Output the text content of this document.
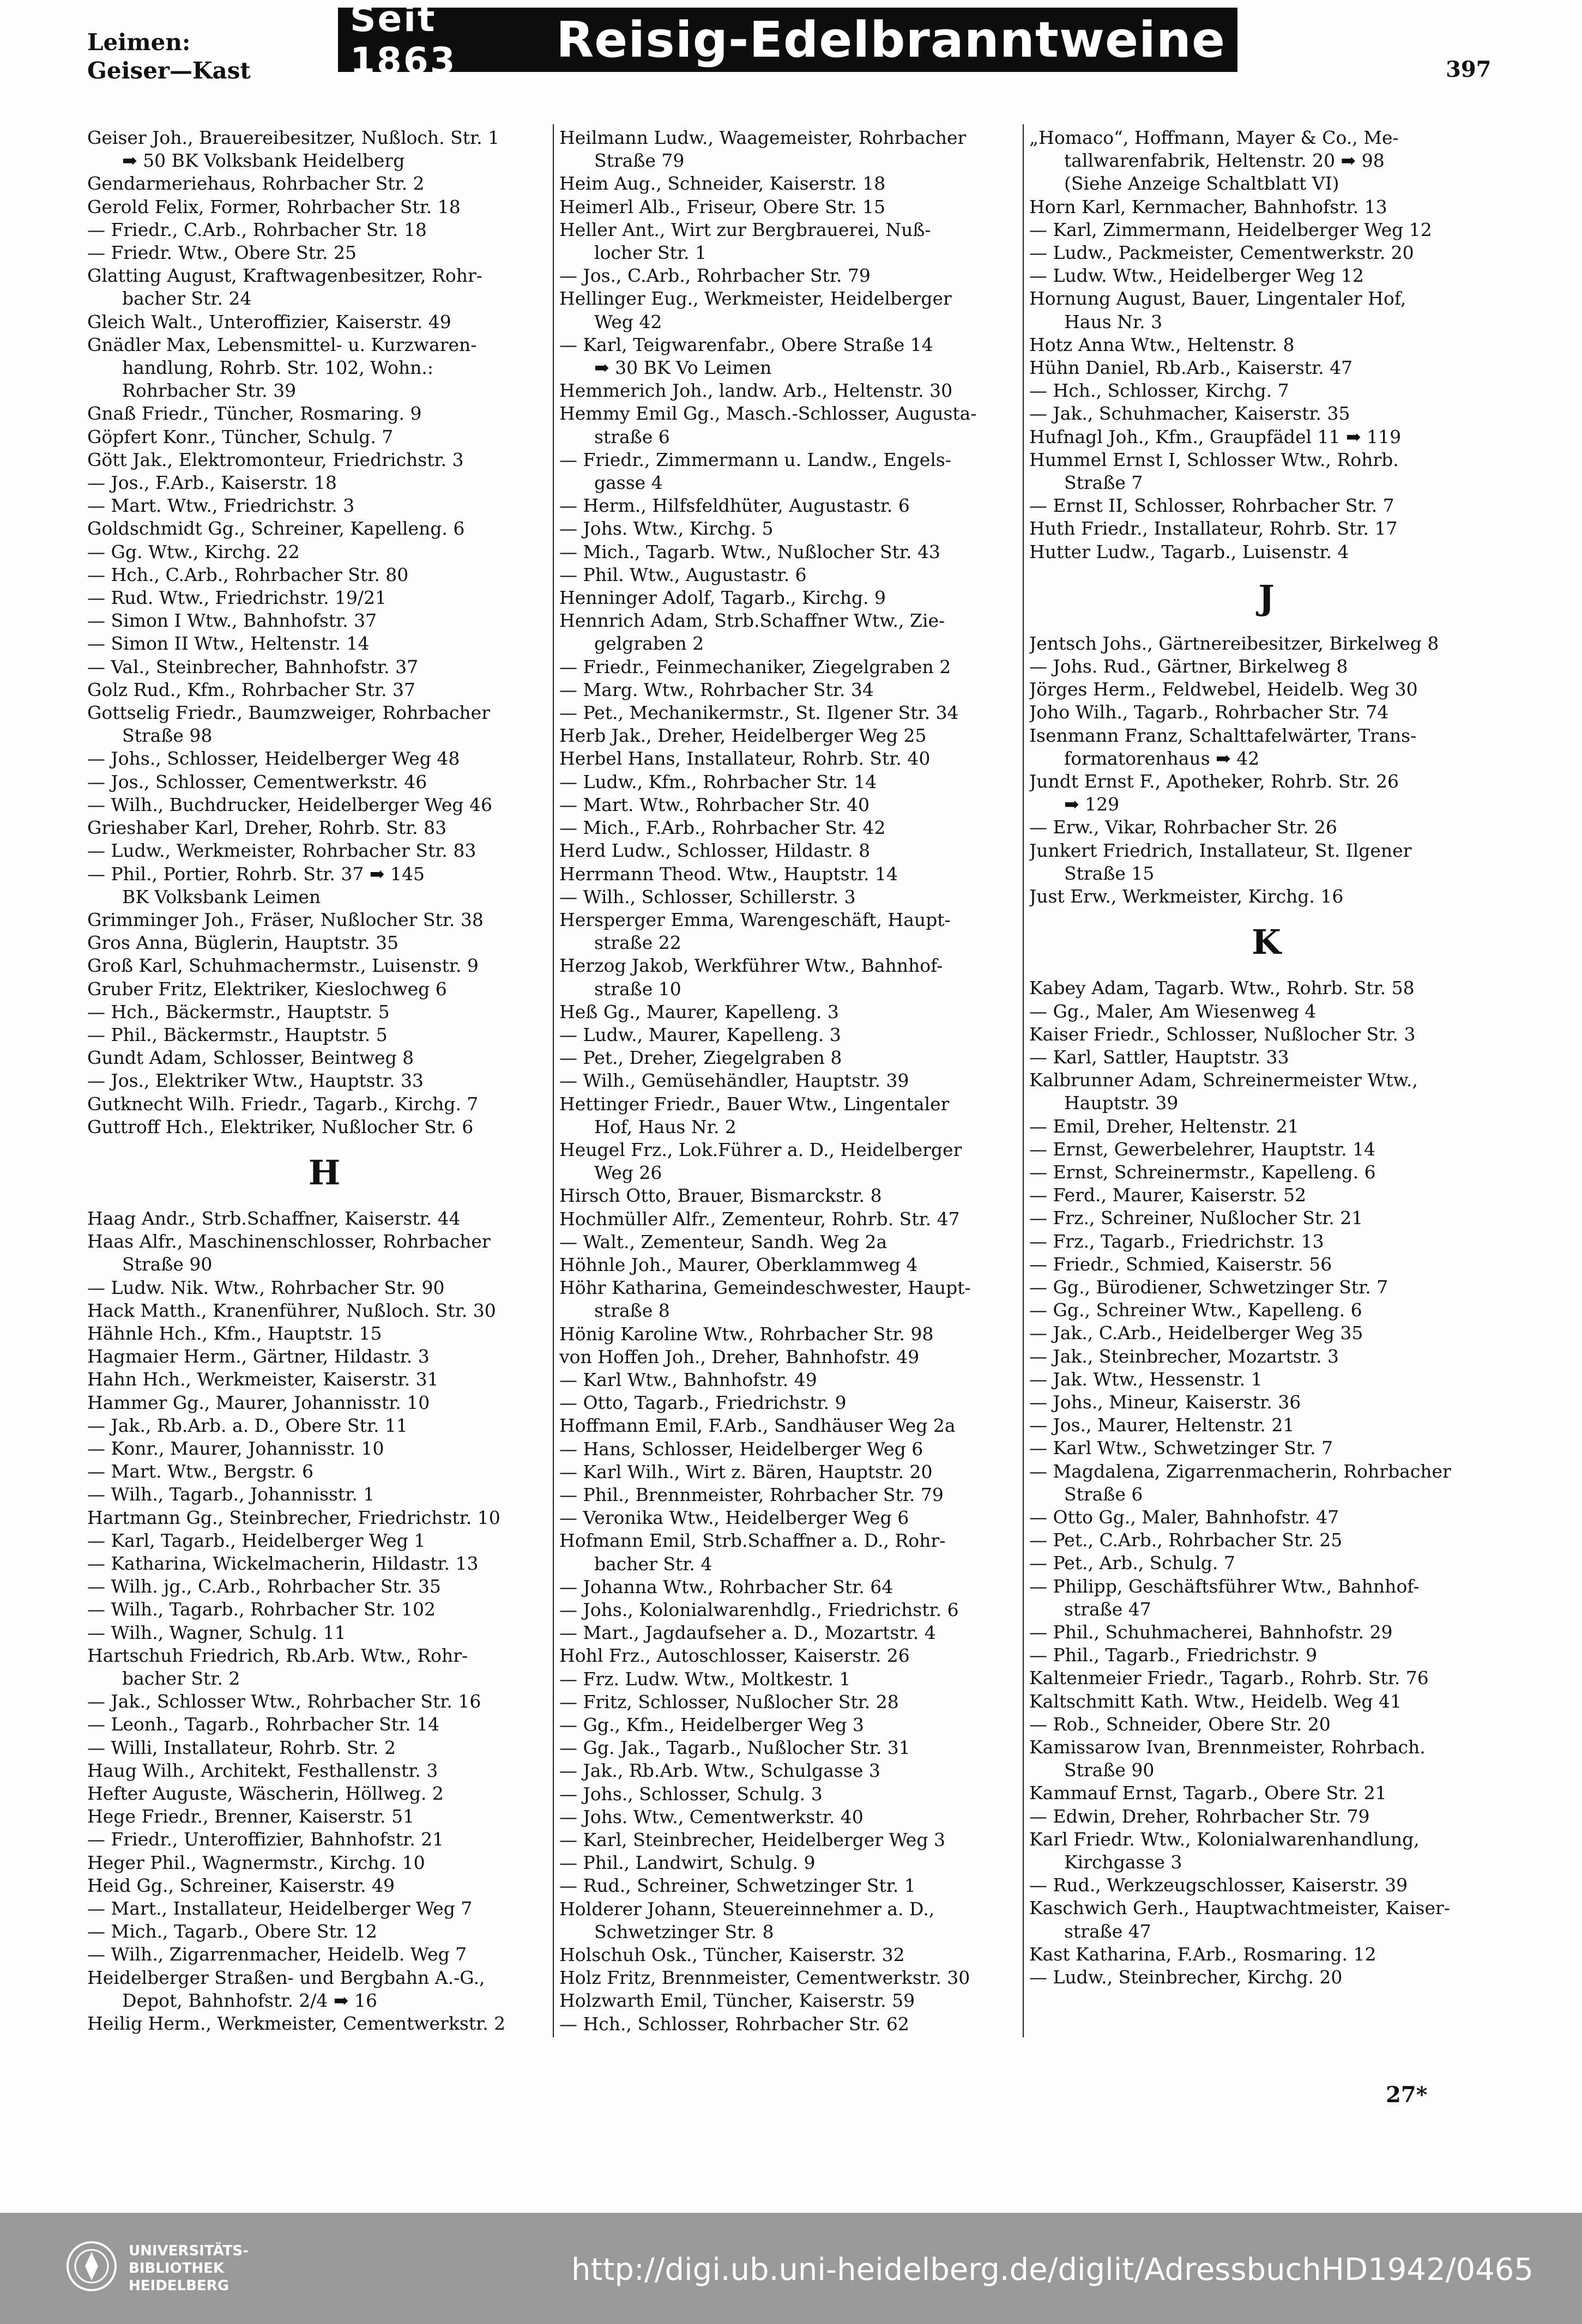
Leimen:
Geiser—Kast
Seit 1863	Reisig-Edelbranntweine
397
Geiser Joh., Brauereibesitzer, Nußloch. Str. 1
➡ 50 BK Volksbank Heidelberg
Gendarmeriehaus, Rohrbacher Str. 2
Gerold Felix, Former, Rohrbacher Str. 18
— Friedr., C.Arb., Rohrbacher Str. 18
— Friedr. Wtw., Obere Str. 25
Glatting August, Kraftwagenbesitzer, Rohr-
bacher Str. 24
Gleich Walt., Unteroffizier, Kaiserstr. 49
Gnädler Max, Lebensmittel- u. Kurzwaren-
handlung, Rohrb. Str. 102, Wohn.:
Rohrbacher Str. 39
Gnaß Friedr., Tüncher, Rosmaring. 9
Göpfert Konr., Tüncher, Schulg. 7
Gött Jak., Elektromonteur, Friedrichstr. 3
— Jos., F.Arb., Kaiserstr. 18
— Mart. Wtw., Friedrichstr. 3
Goldschmidt Gg., Schreiner, Kapelleng. 6
— Gg. Wtw., Kirchg. 22
— Hch., C.Arb., Rohrbacher Str. 80
— Rud. Wtw., Friedrichstr. 19/21
— Simon I Wtw., Bahnhofstr. 37
— Simon II Wtw., Heltenstr. 14
— Val., Steinbrecher, Bahnhofstr. 37
Golz Rud., Kfm., Rohrbacher Str. 37
Gottselig Friedr., Baumzweiger, Rohrbacher
Straße 98
— Johs., Schlosser, Heidelberger Weg 48
— Jos., Schlosser, Cementwerkstr. 46
— Wilh., Buchdrucker, Heidelberger Weg 46
Grieshaber Karl, Dreher, Rohrb. Str. 83
— Ludw., Werkmeister, Rohrbacher Str. 83
— Phil., Portier, Rohrb. Str. 37 ➡ 145
BK Volksbank Leimen
Grimminger Joh., Fräser, Nußlocher Str. 38
Gros Anna, Büglerin, Hauptstr. 35
Groß Karl, Schuhmachermstr., Luisenstr. 9
Gruber Fritz, Elektriker, Kieslochweg 6
— Hch., Bäckermstr., Hauptstr. 5
— Phil., Bäckermstr., Hauptstr. 5
Gundt Adam, Schlosser, Beintweg 8
— Jos., Elektriker Wtw., Hauptstr. 33
Gutknecht Wilh. Friedr., Tagarb., Kirchg. 7
Guttroff Hch., Elektriker, Nußlocher Str. 6
H
Haag Andr., Strb.Schaffner, Kaiserstr. 44
Haas Alfr., Maschinenschlosser, Rohrbacher
Straße 90
— Ludw. Nik. Wtw., Rohrbacher Str. 90
Hack Matth., Kranenführer, Nußloch. Str. 30
Hähnle Hch., Kfm., Hauptstr. 15
Hagmaier Herm., Gärtner, Hildastr. 3
Hahn Hch., Werkmeister, Kaiserstr. 31
Hammer Gg., Maurer, Johannisstr. 10
— Jak., Rb.Arb. a. D., Obere Str. 11
— Konr., Maurer, Johannisstr. 10
— Mart. Wtw., Bergstr. 6
— Wilh., Tagarb., Johannisstr. 1
Hartmann Gg., Steinbrecher, Friedrichstr. 10
— Karl, Tagarb., Heidelberger Weg 1
— Katharina, Wickelmacherin, Hildastr. 13
— Wilh. jg., C.Arb., Rohrbacher Str. 35
— Wilh., Tagarb., Rohrbacher Str. 102
— Wilh., Wagner, Schulg. 11
Hartschuh Friedrich, Rb.Arb. Wtw., Rohr-
bacher Str. 2
— Jak., Schlosser Wtw., Rohrbacher Str. 16
— Leonh., Tagarb., Rohrbacher Str. 14
— Willi, Installateur, Rohrb. Str. 2
Haug Wilh., Architekt, Festhallenstr. 3
Hefter Auguste, Wäscherin, Höllweg. 2
Hege Friedr., Brenner, Kaiserstr. 51
— Friedr., Unteroffizier, Bahnhofstr. 21
Heger Phil., Wagnermstr., Kirchg. 10
Heid Gg., Schreiner, Kaiserstr. 49
— Mart., Installateur, Heidelberger Weg 7
— Mich., Tagarb., Obere Str. 12
— Wilh., Zigarrenmacher, Heidelb. Weg 7
Heidelberger Straßen- und Bergbahn A.-G.,
Depot, Bahnhofstr. 2/4 ➡ 16
Heilig Herm., Werkmeister, Cementwerkstr. 2
Heilmann Ludw., Waagemeister, Rohrbacher
Straße 79
Heim Aug., Schneider, Kaiserstr. 18
Heimerl Alb., Friseur, Obere Str. 15
Heller Ant., Wirt zur Bergbrauerei, Nuß-
locher Str. 1
— Jos., C.Arb., Rohrbacher Str. 79
Hellinger Eug., Werkmeister, Heidelberger
Weg 42
— Karl, Teigwarenfabr., Obere Straße 14
➡ 30 BK Vo Leimen
Hemmerich Joh., landw. Arb., Heltenstr. 30
Hemmy Emil Gg., Masch.-Schlosser, Augusta-
straße 6
— Friedr., Zimmermann u. Landw., Engels-
gasse 4
— Herm., Hilfsfeldhüter, Augustastr. 6
— Johs. Wtw., Kirchg. 5
— Mich., Tagarb. Wtw., Nußlocher Str. 43
— Phil. Wtw., Augustastr. 6
Henninger Adolf, Tagarb., Kirchg. 9
Hennrich Adam, Strb.Schaffner Wtw., Zie-
gelgraben 2
— Friedr., Feinmechaniker, Ziegelgraben 2
— Marg. Wtw., Rohrbacher Str. 34
— Pet., Mechanikermstr., St. Ilgener Str. 34
Herb Jak., Dreher, Heidelberger Weg 25
Herbel Hans, Installateur, Rohrb. Str. 40
— Ludw., Kfm., Rohrbacher Str. 14
— Mart. Wtw., Rohrbacher Str. 40
— Mich., F.Arb., Rohrbacher Str. 42
Herd Ludw., Schlosser, Hildastr. 8
Herrmann Theod. Wtw., Hauptstr. 14
— Wilh., Schlosser, Schillerstr. 3
Hersperger Emma, Warengeschäft, Haupt-
straße 22
Herzog Jakob, Werkführer Wtw., Bahnhof-
straße 10
Heß Gg., Maurer, Kapelleng. 3
— Ludw., Maurer, Kapelleng. 3
— Pet., Dreher, Ziegelgraben 8
— Wilh., Gemüsehändler, Hauptstr. 39
Hettinger Friedr., Bauer Wtw., Lingentaler
Hof, Haus Nr. 2
Heugel Frz., Lok.Führer a. D., Heidelberger
Weg 26
Hirsch Otto, Brauer, Bismarckstr. 8
Hochmüller Alfr., Zementeur, Rohrb. Str. 47
— Walt., Zementeur, Sandh. Weg 2a
Höhnle Joh., Maurer, Oberklammweg 4
Höhr Katharina, Gemeindeschwester, Haupt-
straße 8
Hönig Karoline Wtw., Rohrbacher Str. 98
von Hoffen Joh., Dreher, Bahnhofstr. 49
— Karl Wtw., Bahnhofstr. 49
— Otto, Tagarb., Friedrichstr. 9
Hoffmann Emil, F.Arb., Sandhäuser Weg 2a
— Hans, Schlosser, Heidelberger Weg 6
— Karl Wilh., Wirt z. Bären, Hauptstr. 20
— Phil., Brennmeister, Rohrbacher Str. 79
— Veronika Wtw., Heidelberger Weg 6
Hofmann Emil, Strb.Schaffner a. D., Rohr-
bacher Str. 4
— Johanna Wtw., Rohrbacher Str. 64
— Johs., Kolonialwarenhdlg., Friedrichstr. 6
— Mart., Jagdaufseher a. D., Mozartstr. 4
Hohl Frz., Autoschlosser, Kaiserstr. 26
— Frz. Ludw. Wtw., Moltkestr. 1
— Fritz, Schlosser, Nußlocher Str. 28
— Gg., Kfm., Heidelberger Weg 3
— Gg. Jak., Tagarb., Nußlocher Str. 31
— Jak., Rb.Arb. Wtw., Schulgasse 3
— Johs., Schlosser, Schulg. 3
— Johs. Wtw., Cementwerkstr. 40
— Karl, Steinbrecher, Heidelberger Weg 3
— Phil., Landwirt, Schulg. 9
— Rud., Schreiner, Schwetzinger Str. 1
Holderer Johann, Steuereinnehmer a. D.,
Schwetzinger Str. 8
Holschuh Osk., Tüncher, Kaiserstr. 32
Holz Fritz, Brennmeister, Cementwerkstr. 30
Holzwarth Emil, Tüncher, Kaiserstr. 59
— Hch., Schlosser, Rohrbacher Str. 62
„Homaco“, Hoffmann, Mayer & Co., Me-
tallwarenfabrik, Heltenstr. 20 ➡ 98
(Siehe Anzeige Schaltblatt VI)
Horn Karl, Kernmacher, Bahnhofstr. 13
— Karl, Zimmermann, Heidelberger Weg 12
— Ludw., Packmeister, Cementwerkstr. 20
— Ludw. Wtw., Heidelberger Weg 12
Hornung August, Bauer, Lingentaler Hof,
Haus Nr. 3
Hotz Anna Wtw., Heltenstr. 8
Hühn Daniel, Rb.Arb., Kaiserstr. 47
— Hch., Schlosser, Kirchg. 7
— Jak., Schuhmacher, Kaiserstr. 35
Hufnagl Joh., Kfm., Graupfädel 11 ➡ 119
Hummel Ernst I, Schlosser Wtw., Rohrb.
Straße 7
— Ernst II, Schlosser, Rohrbacher Str. 7
Huth Friedr., Installateur, Rohrb. Str. 17
Hutter Ludw., Tagarb., Luisenstr. 4
J
Jentsch Johs., Gärtnereibesitzer, Birkelweg 8
— Johs. Rud., Gärtner, Birkelweg 8
Jörges Herm., Feldwebel, Heidelb. Weg 30
Joho Wilh., Tagarb., Rohrbacher Str. 74
Isenmann Franz, Schalttafelwärter, Trans-
formatorenhaus ➡ 42
Jundt Ernst F., Apotheker, Rohrb. Str. 26
➡ 129
— Erw., Vikar, Rohrbacher Str. 26
Junkert Friedrich, Installateur, St. Ilgener
Straße 15
Just Erw., Werkmeister, Kirchg. 16
K
Kabey Adam, Tagarb. Wtw., Rohrb. Str. 58
— Gg., Maler, Am Wiesenweg 4
Kaiser Friedr., Schlosser, Nußlocher Str. 3
— Karl, Sattler, Hauptstr. 33
Kalbrunner Adam, Schreinermeister Wtw.,
Hauptstr. 39
— Emil, Dreher, Heltenstr. 21
— Ernst, Gewerbelehrer, Hauptstr. 14
— Ernst, Schreinermstr., Kapelleng. 6
— Ferd., Maurer, Kaiserstr. 52
— Frz., Schreiner, Nußlocher Str. 21
— Frz., Tagarb., Friedrichstr. 13
— Friedr., Schmied, Kaiserstr. 56
— Gg., Bürodiener, Schwetzinger Str. 7
— Gg., Schreiner Wtw., Kapelleng. 6
— Jak., C.Arb., Heidelberger Weg 35
— Jak., Steinbrecher, Mozartstr. 3
— Jak. Wtw., Hessenstr. 1
— Johs., Mineur, Kaiserstr. 36
— Jos., Maurer, Heltenstr. 21
— Karl Wtw., Schwetzinger Str. 7
— Magdalena, Zigarrenmacherin, Rohrbacher
Straße 6
— Otto Gg., Maler, Bahnhofstr. 47
— Pet., C.Arb., Rohrbacher Str. 25
— Pet., Arb., Schulg. 7
— Philipp, Geschäftsführer Wtw., Bahnhof-
straße 47
— Phil., Schuhmacherei, Bahnhofstr. 29
— Phil., Tagarb., Friedrichstr. 9
Kaltenmeier Friedr., Tagarb., Rohrb. Str. 76
Kaltschmitt Kath. Wtw., Heidelb. Weg 41
— Rob., Schneider, Obere Str. 20
Kamissarow Ivan, Brennmeister, Rohrbach.
Straße 90
Kammauf Ernst, Tagarb., Obere Str. 21
— Edwin, Dreher, Rohrbacher Str. 79
Karl Friedr. Wtw., Kolonialwarenhandlung,
Kirchgasse 3
— Rud., Werkzeugschlosser, Kaiserstr. 39
Kaschwich Gerh., Hauptwachtmeister, Kaiser-
straße 47
Kast Katharina, F.Arb., Rosmaring. 12
— Ludw., Steinbrecher, Kirchg. 20
27*
UNIVERSITÄTS-
BIBLIOTHEK
HEIDELBERG	http://digi.ub.uni-heidelberg.de/diglit/AdressbuchHD1942/0465
